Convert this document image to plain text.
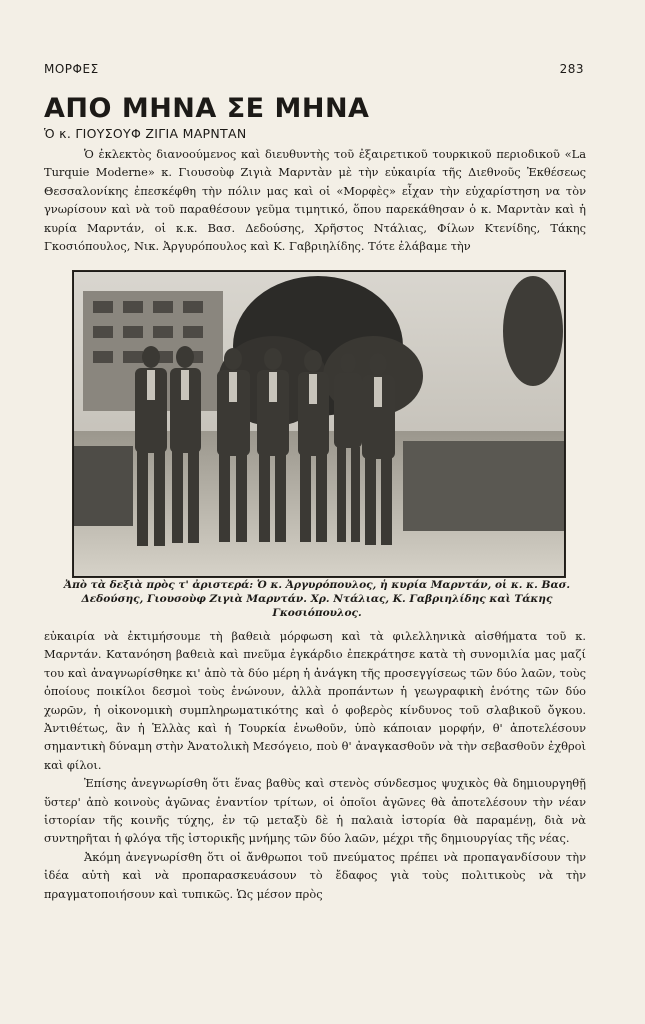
ΜΟΡΦΕΣ	283
ΑΠΟ ΜΗΝΑ ΣΕ ΜΗΝΑ
Ὁ κ. ΓΙΟΥΣΟΥΦ ΖΙΓΙΑ ΜΑΡΝΤΑΝ

Ὁ ἐκλεκτὸς διανοούμενος καὶ διευθυντὴς τοῦ ἐξαιρετικοῦ τουρκικοῦ περιοδικοῦ «La Turquie Moderne» κ. Γιουσοὺφ Ζιγιὰ Μαρντὰν μὲ τὴν εὐκαιρία τῆς Διεθνοῦς Ἐκθέσεως Θεσσαλονίκης ἐπεσκέφθη τὴν πόλιν μας καὶ οἱ «Μορφὲς» εἶχαν τὴν εὐχαρίστηση να τὸν γνωρίσουν καὶ νὰ τοῦ παραθέσουν γεῦμα τιμητικό, ὅπου παρεκάθησαν ὁ κ. Μαρντὰν καὶ ἡ κυρία Μαρντάν, οἱ κ.κ. Βασ. Δεδούσης, Χρῆστος Ντάλιας, Φίλων Κτενίδης, Τάκης Γκοσιόπουλος, Νικ. Ἀργυρόπουλος καὶ Κ. Γαβριηλίδης. Τότε ἐλάβαμε τὴν

Ἀπὸ τὰ δεξιὰ πρὸς τ' ἀριστερά: Ὁ κ. Ἀργυρόπουλος, ἡ κυρία Μαρντάν, οἱ κ. κ. Βασ. Δεδούσης, Γιουσοὺφ Ζιγιὰ Μαρντάν. Χρ. Ντάλιας, Κ. Γαβριηλίδης καὶ Τάκης Γκοσιόπουλος.

εὐκαιρία νὰ ἐκτιμήσουμε τὴ βαθειὰ μόρφωση καὶ τὰ φιλελληνικὰ αἰσθήματα τοῦ κ. Μαρντάν. Κατανόηση βαθειὰ καὶ πνεῦμα ἐγκάρδιο ἐπεκράτησε κατὰ τὴ συνομιλία μας μαζί του καὶ ἀναγνωρίσθηκε κι' ἀπὸ τὰ δύο μέρη ἡ ἀνάγκη τῆς προσεγγίσεως τῶν δύο λαῶν, τοὺς ὁποίους ποικίλοι δεσμοὶ τοὺς ἑνώνουν, ἀλλὰ προπάντων ἡ γεωγραφικὴ ἑνότης τῶν δύο χωρῶν, ἡ οἰκονομικὴ συμπληρωματικότης καὶ ὁ φοβερὸς κίνδυνος τοῦ σλαβικοῦ ὄγκου. Ἀντιθέτως, ἂν ἡ Ἑλλὰς καὶ ἡ Τουρκία ἑνωθοῦν, ὑπὸ κάποιαν μορφήν, θ' ἀποτελέσουν σημαντικὴ δύναμη στὴν Ἀνατολικὴ Μεσόγειο, ποὺ θ' ἀναγκασθοῦν νὰ τὴν σεβασθοῦν ἐχθροὶ καὶ φίλοι.

Ἐπίσης ἀνεγνωρίσθη ὅτι ἕνας βαθὺς καὶ στενὸς σύνδεσμος ψυχικὸς θὰ δημιουργηθῇ ὕστερ' ἀπὸ κοινοὺς ἀγῶνας ἐναντίον τρίτων, οἱ ὁποῖοι ἀγῶνες θὰ ἀποτελέσουν τὴν νέαν ἱστορίαν τῆς κοινῆς τύχης, ἐν τῷ μεταξὺ δὲ ἡ παλαιὰ ἱστορία θὰ παραμένῃ, διὰ νὰ συντηρῆται ἡ φλόγα τῆς ἱστορικῆς μνήμης τῶν δύο λαῶν, μέχρι τῆς δημιουργίας τῆς νέας.

Ἀκόμη ἀνεγνωρίσθη ὅτι οἱ ἄνθρωποι τοῦ πνεύματος πρέπει νὰ προπαγανδίσουν τὴν ἰδέα αὐτὴ καὶ νὰ προπαρασκευάσουν τὸ ἔδαφος γιὰ τοὺς πολιτικοὺς νὰ τὴν πραγματοποιήσουν καὶ τυπικῶς. Ὡς μέσον πρὸς
